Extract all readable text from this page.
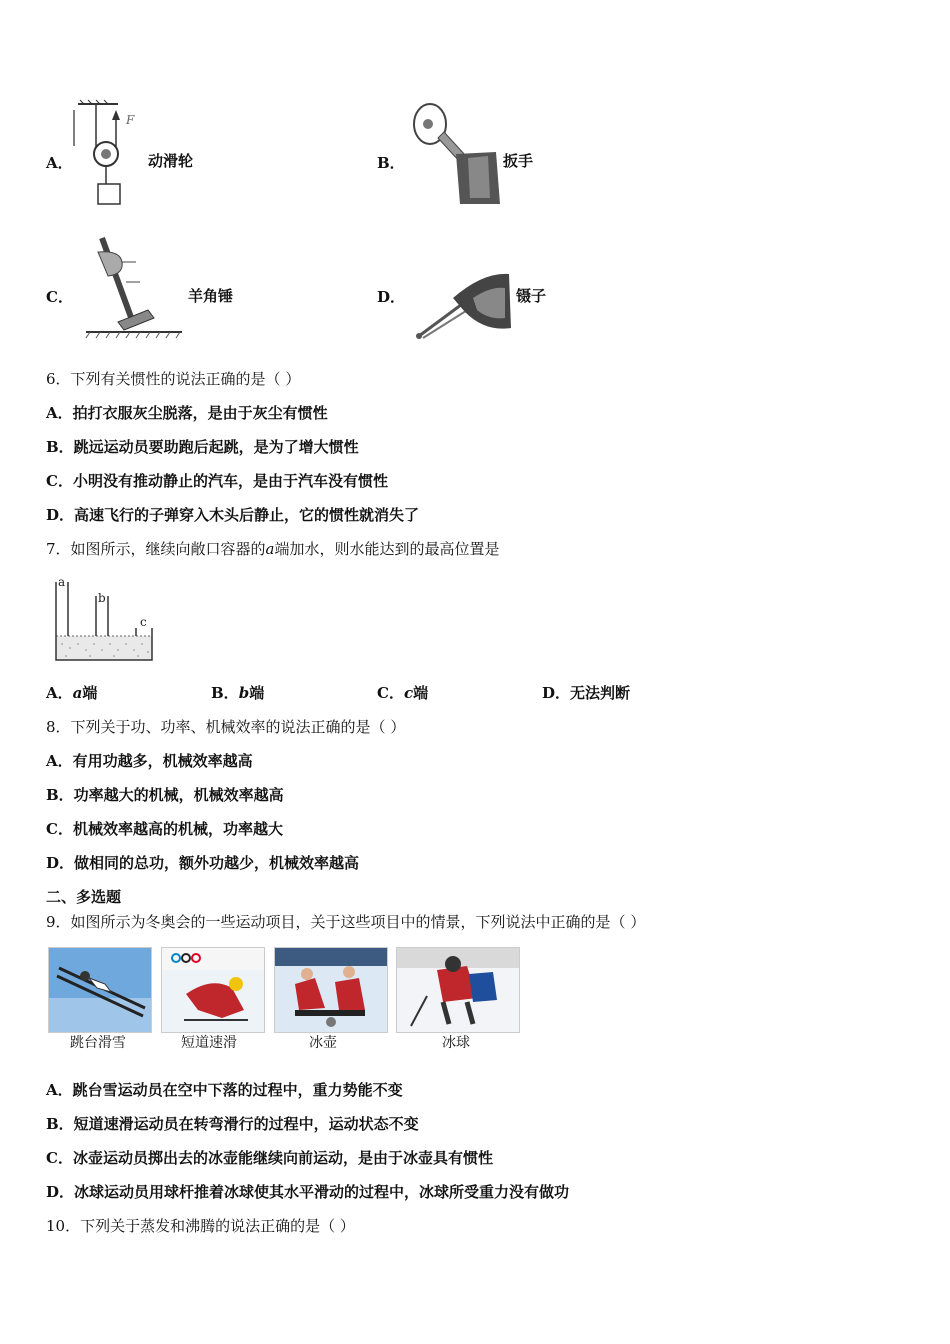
A．
F
动滑轮	B．	扳手
C．	羊角锤	D．	镊子
6．下列有关惯性的说法正确的是（ ）
A．拍打衣服灰尘脱落，是由于灰尘有惯性
B．跳远运动员要助跑后起跳，是为了增大惯性
C．小明没有推动静止的汽车，是由于汽车没有惯性
D．高速飞行的子弹穿入木头后静止，它的惯性就消失了
7．如图所示，继续向敞口容器的a端加水，则水能达到的最高位置是
a
b
c
A．a端	B．b端	C．c端	D．无法判断
8．下列关于功、功率、机械效率的说法正确的是（ ）
A．有用功越多，机械效率越高
B．功率越大的机械，机械效率越高
C．机械效率越高的机械，功率越大
D．做相同的总功，额外功越少，机械效率越高
二、多选题
9．如图所示为冬奥会的一些运动项目，关于这些项目中的情景，下列说法中正确的是（ ）
跳台滑雪	短道速滑	冰壶	冰球
A．跳台雪运动员在空中下落的过程中，重力势能不变
B．短道速滑运动员在转弯滑行的过程中，运动状态不变
C．冰壶运动员掷出去的冰壶能继续向前运动，是由于冰壶具有惯性
D．冰球运动员用球杆推着冰球使其水平滑动的过程中，冰球所受重力没有做功
10．下列关于蒸发和沸腾的说法正确的是（ ）
